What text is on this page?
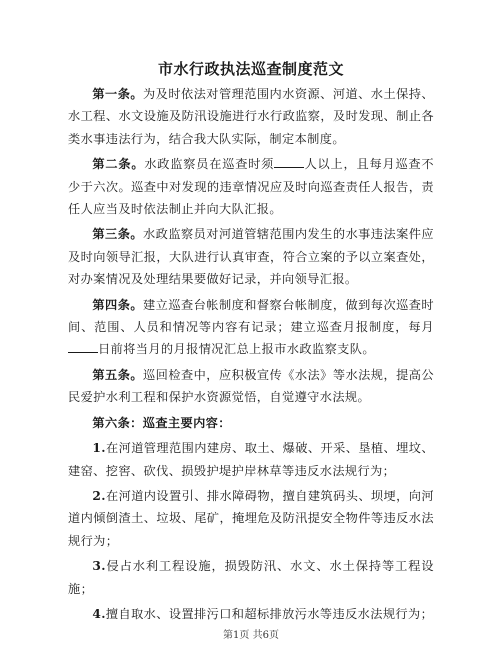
市水行政执法巡查制度范文

第一条。为及时依法对管理范围内水资源、河道、水土保持、水工程、水文设施及防汛设施进行水行政监察，及时发现、制止各类水事违法行为，结合我大队实际，制定本制度。

第二条。水政监察员在巡查时须 人以上，且每月巡查不少于六次。巡查中对发现的违章情况应及时向巡查责任人报告，责任人应当及时依法制止并向大队汇报。

第三条。水政监察员对河道管辖范围内发生的水事违法案件应及时向领导汇报，大队进行认真审查，符合立案的予以立案查处，对办案情况及处理结果要做好记录，并向领导汇报。

第四条。建立巡查台帐制度和督察台帐制度，做到每次巡查时间、范围、人员和情况等内容有记录；建立巡查月报制度，每月日前将当月的月报情况汇总上报市水政监察支队。

第五条。巡回检查中，应积极宣传《水法》等水法规，提高公民爱护水利工程和保护水资源觉悟，自觉遵守水法规。

第六条：巡查主要内容：

1.在河道管理范围内建房、取土、爆破、开采、垦植、埋坟、建窑、挖窖、砍伐、损毁护堤护岸林草等违反水法规行为；

2.在河道内设置引、排水障碍物，擅自建筑码头、坝埂，向河道内倾倒渣土、垃圾、尾矿，掩埋危及防汛提安全物件等违反水法规行为；

3.侵占水利工程设施，损毁防汛、水文、水土保持等工程设施；

4.擅自取水、设置排污口和超标排放污水等违反水法规行为；

第1页 共6页
